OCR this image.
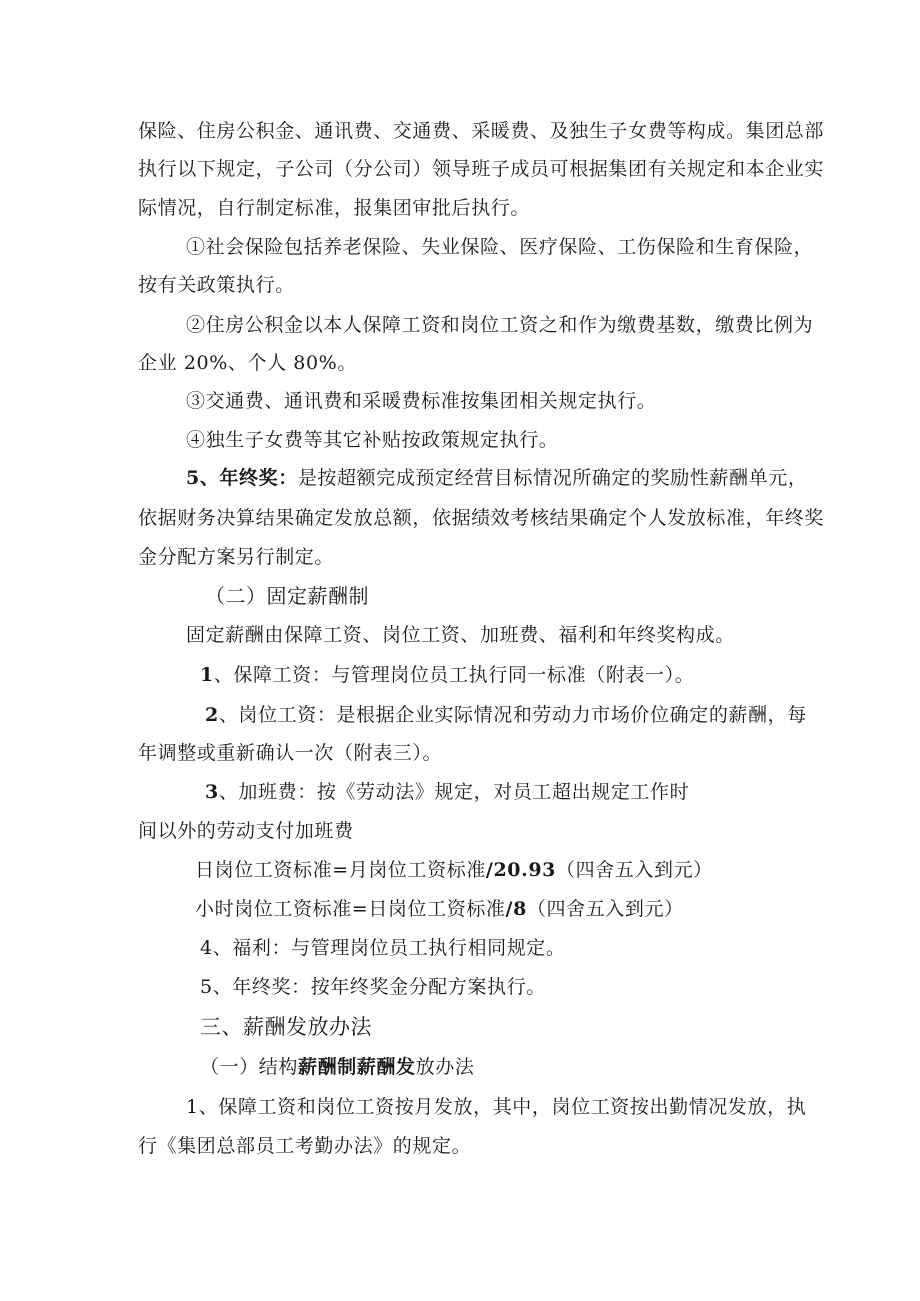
保险、住房公积金、通讯费、交通费、采暖费、及独生子女费等构成。集团总部
执行以下规定，子公司（分公司）领导班子成员可根据集团有关规定和本企业实
际情况，自行制定标准，报集团审批后执行。
①社会保险包括养老保险、失业保险、医疗保险、工伤保险和生育保险，
按有关政策执行。
②住房公积金以本人保障工资和岗位工资之和作为缴费基数，缴费比例为
企业 20%、个人 80%。
③交通费、通讯费和采暖费标准按集团相关规定执行。
④独生子女费等其它补贴按政策规定执行。
5、年终奖：是按超额完成预定经营目标情况所确定的奖励性薪酬单元，
依据财务决算结果确定发放总额，依据绩效考核结果确定个人发放标准，年终奖
金分配方案另行制定。
（二）固定薪酬制
固定薪酬由保障工资、岗位工资、加班费、福利和年终奖构成。
1、保障工资：与管理岗位员工执行同一标准（附表一）。
2、岗位工资：是根据企业实际情况和劳动力市场价位确定的薪酬，每
年调整或重新确认一次（附表三）。
3、加班费：按《劳动法》规定，对员工超出规定工作时
间以外的劳动支付加班费
日岗位工资标准=月岗位工资标准/20.93（四舍五入到元）
小时岗位工资标准=日岗位工资标准/8（四舍五入到元）
4、福利：与管理岗位员工执行相同规定。
5、年终奖：按年终奖金分配方案执行。
三、薪酬发放办法
（一）结构薪酬制薪酬发放办法
1、保障工资和岗位工资按月发放，其中，岗位工资按出勤情况发放，执
行《集团总部员工考勤办法》的规定。
